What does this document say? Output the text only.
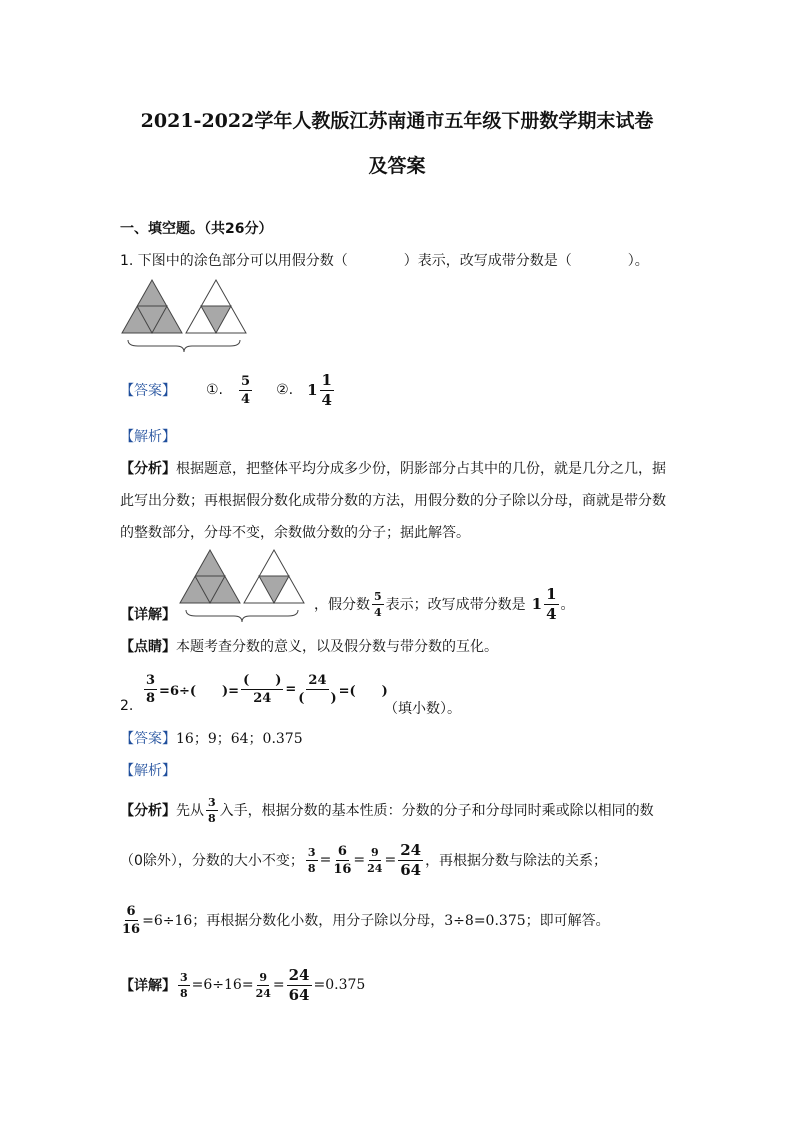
2021-2022学年人教版江苏南通市五年级下册数学期末试卷
及答案
一、填空题。（共26分）
1. 下图中的涂色部分可以用假分数（　　　　）表示，改写成带分数是（　　　　）。
【答案】 ①. $\frac{5}{4}$ ②. $1 \frac{1}{4}$
【解析】
【分析】根据题意，把整体平均分成多少份，阴影部分占其中的几份，就是几分之几，据
此写出分数；再根据假分数化成带分数的方法，用假分数的分子除以分母，商就是带分数
的整数部分，分母不变，余数做分数的分子；据此解答。
【详解】
，假分数 $\frac{5}{4}$ 表示；改写成带分数是 $1 \frac{1}{4}$ 。
【点睛】本题考查分数的意义，以及假分数与带分数的互化。
2.
$\frac{3}{8} =6\div$(　　)= $\frac{( )}{24} = \frac{24}{( )}$ =(　　)
（填小数）。
【答案】16；9；64；0.375
【解析】
【分析】 先从 $\frac{3}{8}$ 入手，根据分数的基本性质：分数的分子和分母同时乘或除以相同的数
（0除外），分数的大小不变； $\frac{3}{8} = \frac{6}{16} = \frac{9}{24} = \frac{24}{64}$ ，再根据分数与除法的关系；
$\frac{6}{16} =6\div 16$；再根据分数化小数，用分子除以分母，3÷8=0.375；即可解答。
【详解】 $\frac{3}{8} =6\div 16= \frac{9}{24} = \frac{24}{64} =0.375$
